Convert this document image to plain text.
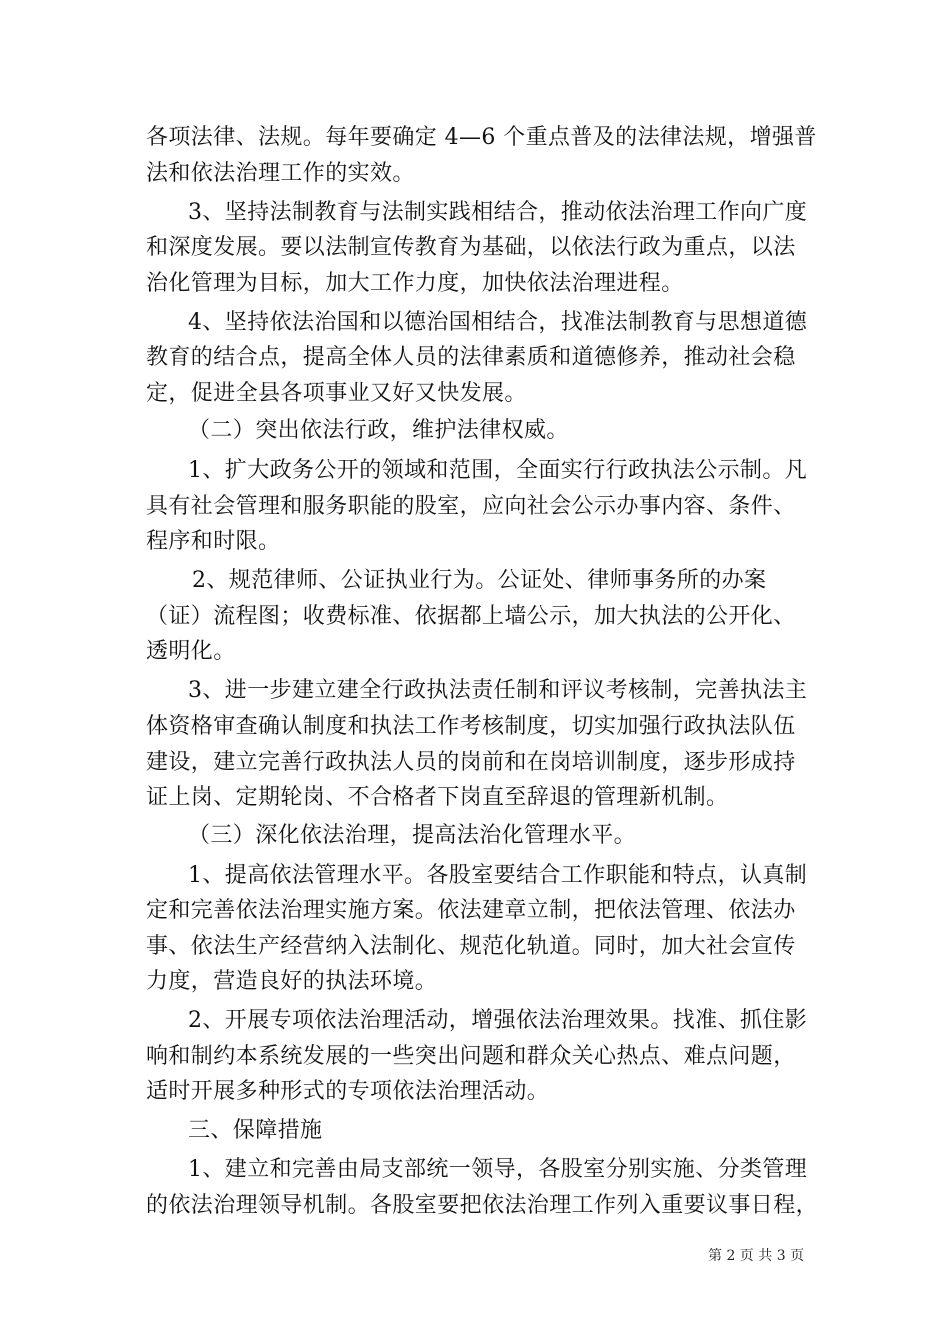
各项法律、法规。每年要确定 4—6 个重点普及的法律法规，增强普
法和依法治理工作的实效。
3、坚持法制教育与法制实践相结合，推动依法治理工作向广度
和深度发展。要以法制宣传教育为基础，以依法行政为重点，以法
治化管理为目标，加大工作力度，加快依法治理进程。
4、坚持依法治国和以德治国相结合，找准法制教育与思想道德
教育的结合点，提高全体人员的法律素质和道德修养，推动社会稳
定，促进全县各项事业又好又快发展。
（二）突出依法行政，维护法律权威。
1、扩大政务公开的领域和范围，全面实行行政执法公示制。凡
具有社会管理和服务职能的股室，应向社会公示办事内容、条件、
程序和时限。
2、规范律师、公证执业行为。公证处、律师事务所的办案
（证）流程图；收费标准、依据都上墙公示，加大执法的公开化、
透明化。
3、进一步建立建全行政执法责任制和评议考核制，完善执法主
体资格审查确认制度和执法工作考核制度，切实加强行政执法队伍
建设，建立完善行政执法人员的岗前和在岗培训制度，逐步形成持
证上岗、定期轮岗、不合格者下岗直至辞退的管理新机制。
（三）深化依法治理，提高法治化管理水平。
1、提高依法管理水平。各股室要结合工作职能和特点，认真制
定和完善依法治理实施方案。依法建章立制，把依法管理、依法办
事、依法生产经营纳入法制化、规范化轨道。同时，加大社会宣传
力度，营造良好的执法环境。
2、开展专项依法治理活动，增强依法治理效果。找准、抓住影
响和制约本系统发展的一些突出问题和群众关心热点、难点问题，
适时开展多种形式的专项依法治理活动。
三、保障措施
1、建立和完善由局支部统一领导，各股室分别实施、分类管理
的依法治理领导机制。各股室要把依法治理工作列入重要议事日程，
第 2 页 共 3 页
